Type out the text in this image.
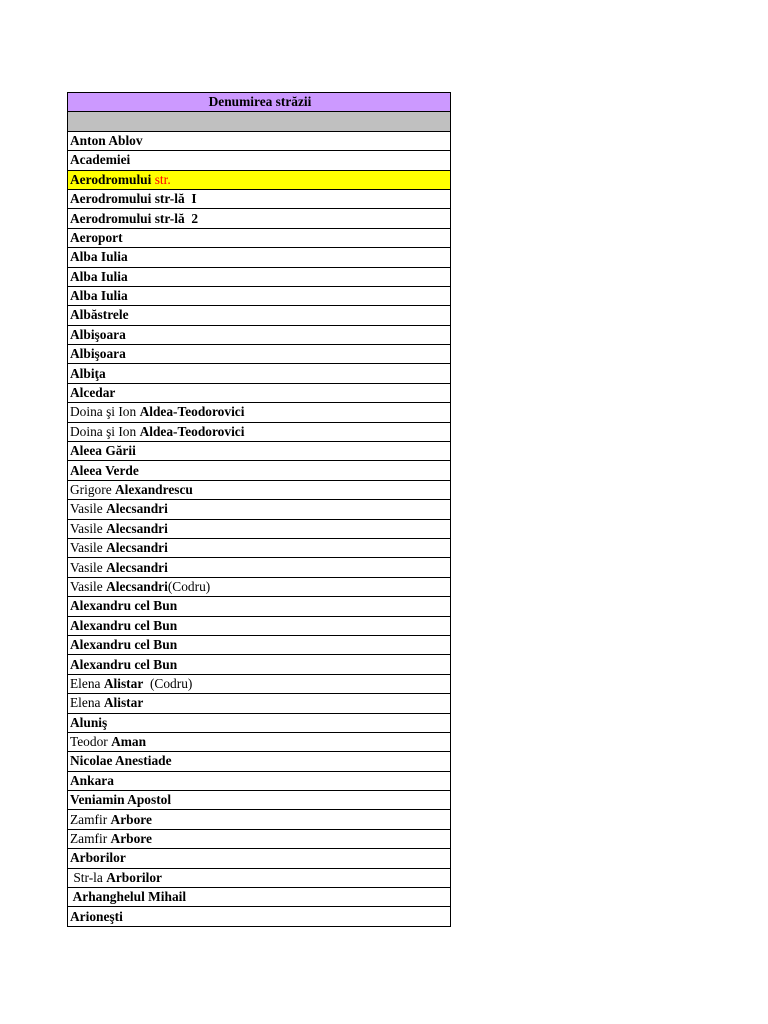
Denumirea străzii

Anton Ablov
Academiei
Aerodromului str.
Aerodromului str-lă  I
Aerodromului str-lă  2
Aeroport
Alba Iulia
Alba Iulia
Alba Iulia
Albăstrele
Albişoara
Albişoara
Albiţa
Alcedar
Doina şi Ion Aldea-Teodorovici
Doina şi Ion Aldea-Teodorovici
Aleea Gării
Aleea Verde
Grigore Alexandrescu
Vasile Alecsandri
Vasile Alecsandri
Vasile Alecsandri
Vasile Alecsandri
Vasile Alecsandri(Codru)
Alexandru cel Bun
Alexandru cel Bun
Alexandru cel Bun
Alexandru cel Bun
Elena Alistar  (Codru)
Elena Alistar
Aluniş
Teodor Aman
Nicolae Anestiade
Ankara
Veniamin Apostol
Zamfir Arbore
Zamfir Arbore
Arborilor
Str-la Arborilor
Arhanghelul Mihail
Arioneşti
